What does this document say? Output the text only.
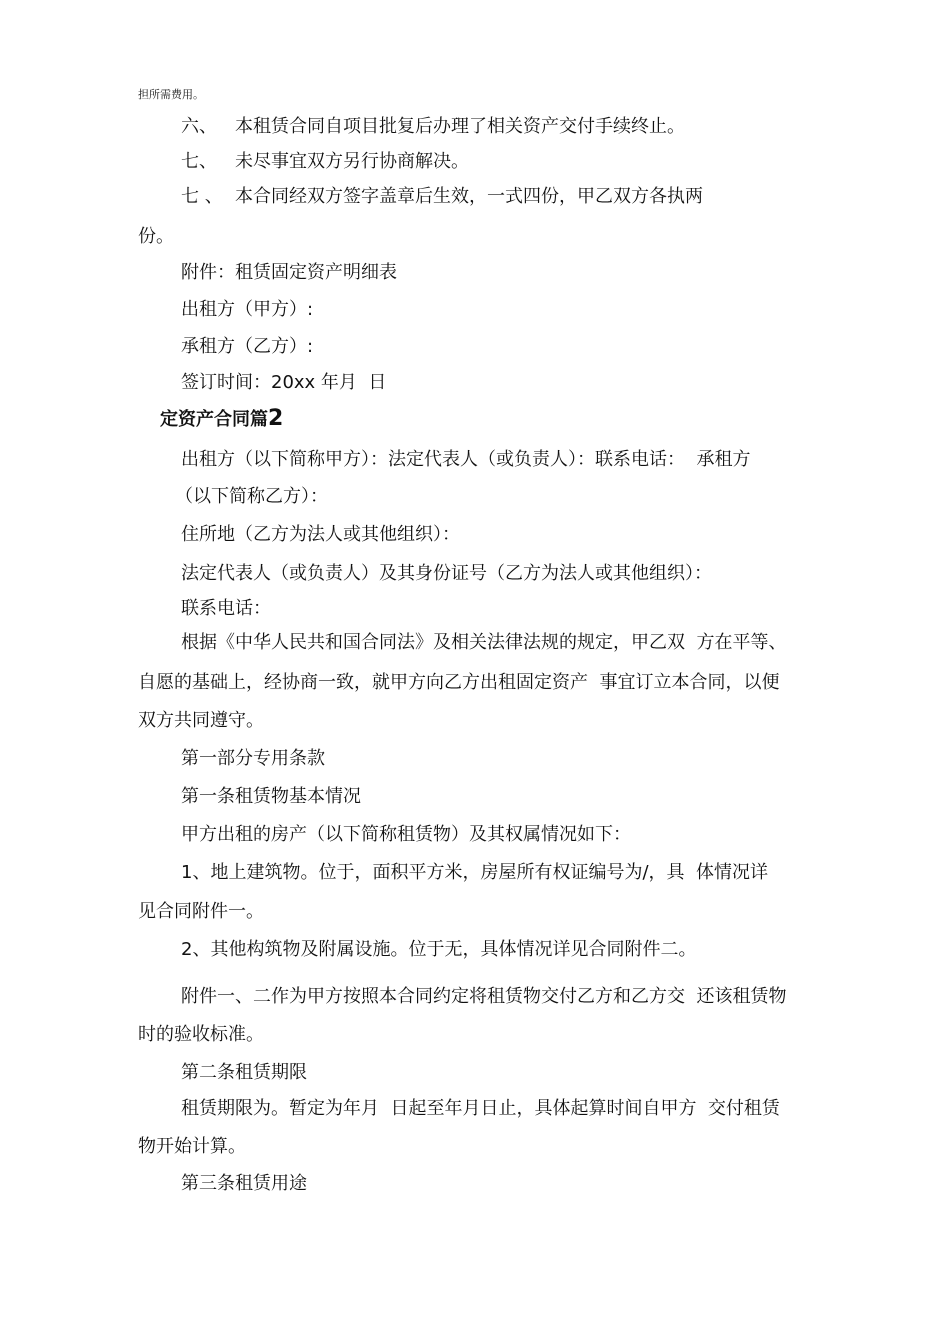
担所需费用。
六、 本租赁合同自项目批复后办理了相关资产交付手续终止。
七、 未尽事宜双方另行协商解决。
七 、 本合同经双方签字盖章后生效，一式四份，甲乙双方各执两
份。
附件：租赁固定资产明细表
出租方（甲方）:
承租方（乙方）:
签订时间：20xx 年月  日
定资产合同篇2
出租方（以下简称甲方）：法定代表人（或负责人）：联系电话：  承租方
（以下简称乙方）：
住所地（乙方为法人或其他组织）：
法定代表人（或负责人）及其身份证号（乙方为法人或其他组织）：
联系电话：
根据《中华人民共和国合同法》及相关法律法规的规定，甲乙双  方在平等、
自愿的基础上，经协商一致，就甲方向乙方出租固定资产  事宜订立本合同，以便
双方共同遵守。
第一部分专用条款
第一条租赁物基本情况
甲方出租的房产（以下简称租赁物）及其权属情况如下：
1、地上建筑物。位于，面积平方米，房屋所有权证编号为/，具  体情况详
见合同附件一。
2、其他构筑物及附属设施。位于无，具体情况详见合同附件二。
附件一、二作为甲方按照本合同约定将租赁物交付乙方和乙方交  还该租赁物
时的验收标准。
第二条租赁期限
租赁期限为。暂定为年月  日起至年月日止，具体起算时间自甲方  交付租赁
物开始计算。
第三条租赁用途
